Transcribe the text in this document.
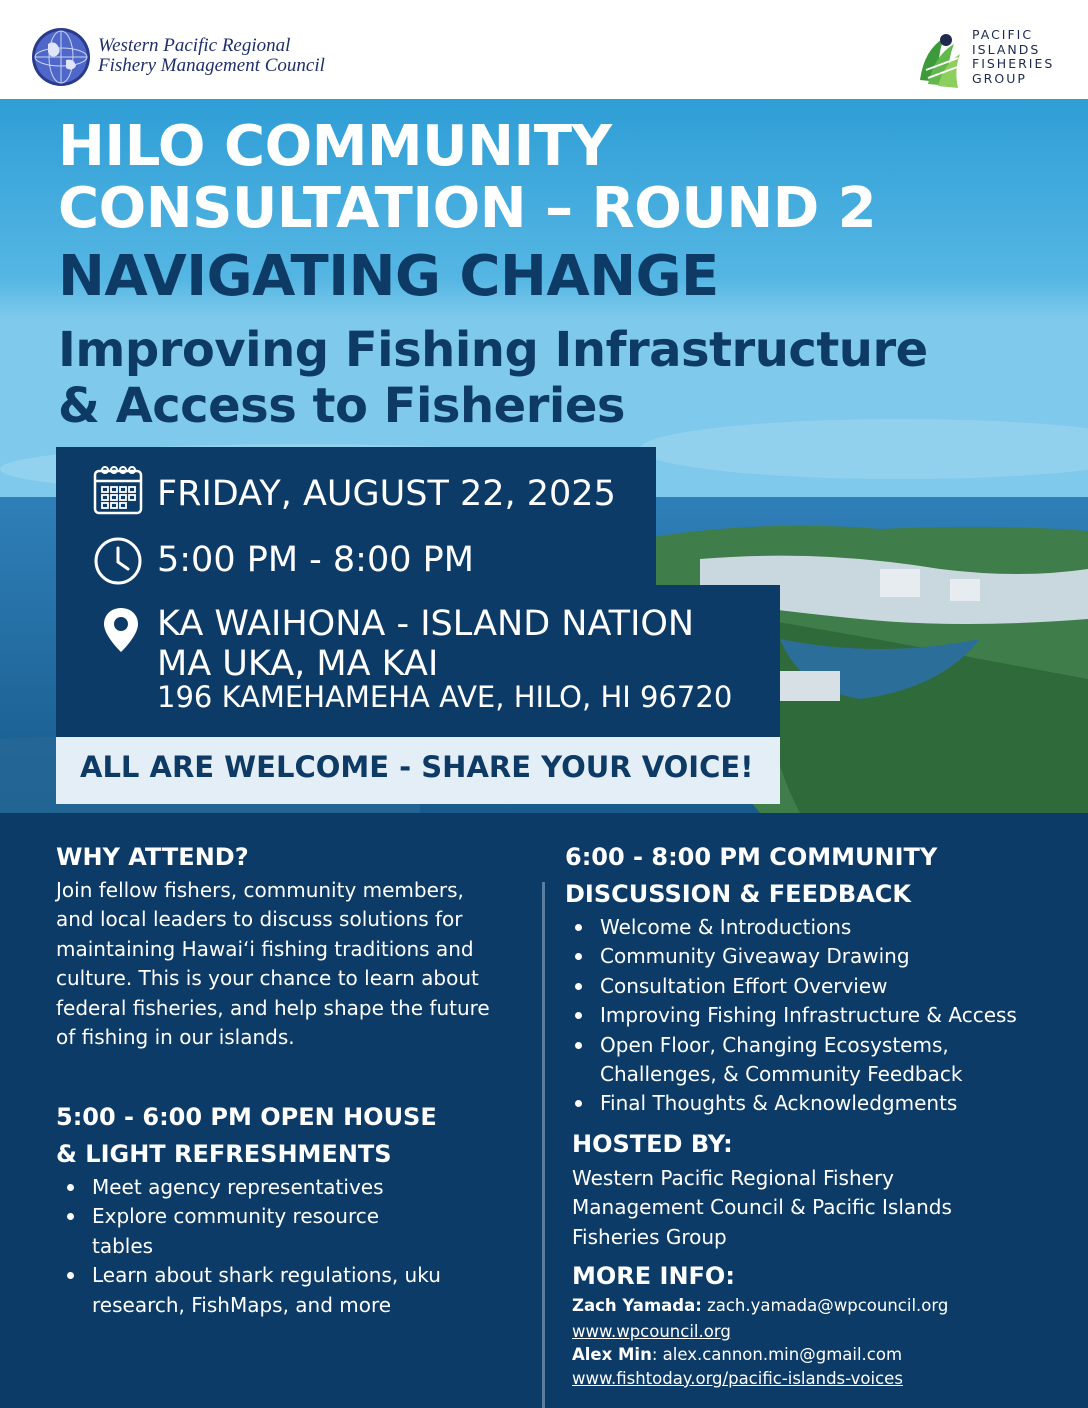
Western Pacific Regional
Fishery Management Council
PACIFIC
ISLANDS
FISHERIES
GROUP
HILO COMMUNITY
CONSULTATION – ROUND 2
NAVIGATING CHANGE
Improving Fishing Infrastructure
& Access to Fisheries
FRIDAY, AUGUST 22, 2025
5:00 PM - 8:00 PM
KA WAIHONA - ISLAND NATION
MA UKA, MA KAI
196 KAMEHAMEHA AVE, HILO, HI 96720
ALL ARE WELCOME - SHARE YOUR VOICE!
WHY ATTEND?
Join fellow fishers, community members, and local leaders to discuss solutions for maintaining Hawaiʻi fishing traditions and culture. This is your chance to learn about federal fisheries, and help shape the future of fishing in our islands.
5:00 - 6:00 PM OPEN HOUSE
& LIGHT REFRESHMENTS
Meet agency representatives
Explore community resource tables
Learn about shark regulations, uku research, FishMaps, and more
6:00 - 8:00 PM COMMUNITY
DISCUSSION & FEEDBACK
Welcome & Introductions
Community Giveaway Drawing
Consultation Effort Overview
Improving Fishing Infrastructure & Access
Open Floor, Changing Ecosystems, Challenges, & Community Feedback
Final Thoughts & Acknowledgments
HOSTED BY:
Western Pacific Regional Fishery Management Council & Pacific Islands Fisheries Group
MORE INFO:
Zach Yamada: zach.yamada@wpcouncil.org
www.wpcouncil.org
Alex Min: alex.cannon.min@gmail.com
www.fishtoday.org/pacific-islands-voices
